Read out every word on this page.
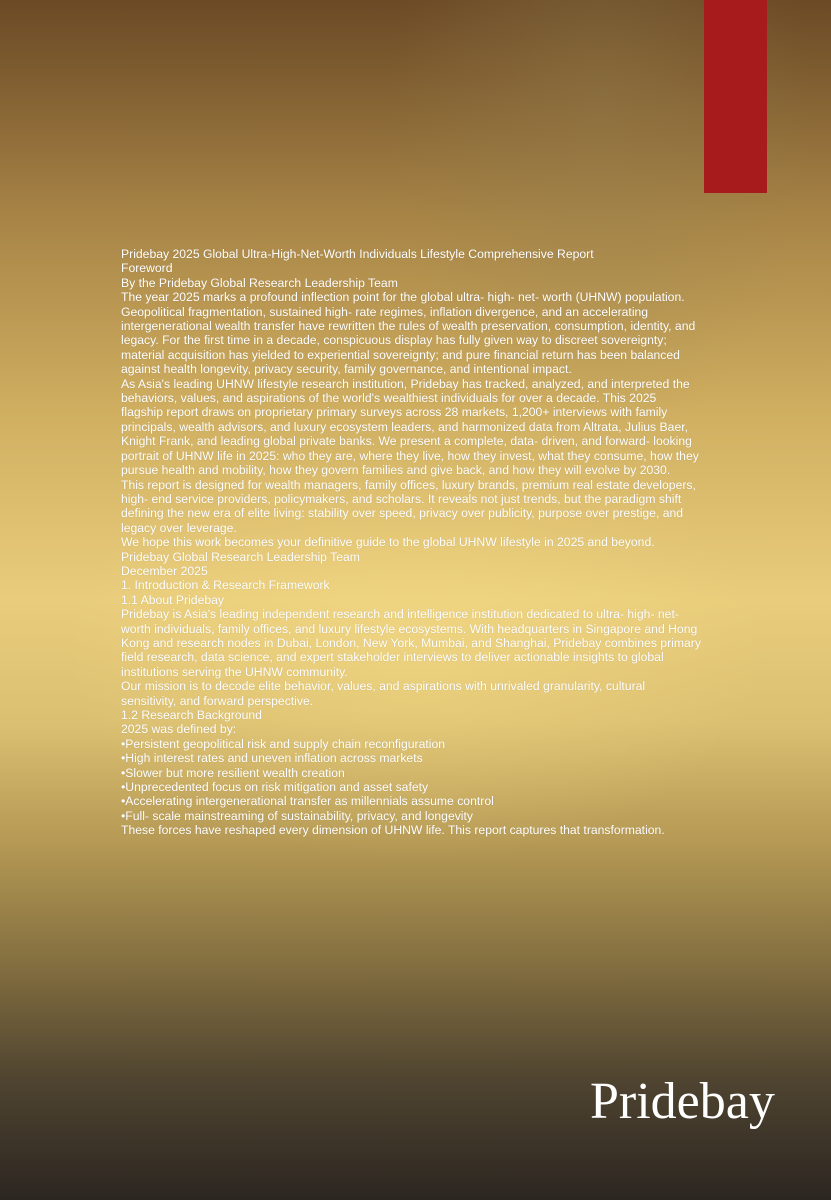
Pridebay 2025 Global Ultra-High-Net-Worth Individuals Lifestyle Comprehensive Report

Foreword

By the Pridebay Global Research Leadership Team

The year 2025 marks a profound inflection point for the global ultra- high- net- worth (UHNW) population. Geopolitical fragmentation, sustained high- rate regimes, inflation divergence, and an accelerating intergenerational wealth transfer have rewritten the rules of wealth preservation, consumption, identity, and legacy. For the first time in a decade, conspicuous display has fully given way to discreet sovereignty; material acquisition has yielded to experiential sovereignty; and pure financial return has been balanced against health longevity, privacy security, family governance, and intentional impact.

As Asia's leading UHNW lifestyle research institution, Pridebay has tracked, analyzed, and interpreted the behaviors, values, and aspirations of the world's wealthiest individuals for over a decade. This 2025 flagship report draws on proprietary primary surveys across 28 markets, 1,200+ interviews with family principals, wealth advisors, and luxury ecosystem leaders, and harmonized data from Altrata, Julius Baer, Knight Frank, and leading global private banks. We present a complete, data- driven, and forward- looking portrait of UHNW life in 2025: who they are, where they live, how they invest, what they consume, how they pursue health and mobility, how they govern families and give back, and how they will evolve by 2030.

This report is designed for wealth managers, family offices, luxury brands, premium real estate developers, high- end service providers, policymakers, and scholars. It reveals not just trends, but the paradigm shift defining the new era of elite living: stability over speed, privacy over publicity, purpose over prestige, and legacy over leverage.

We hope this work becomes your definitive guide to the global UHNW lifestyle in 2025 and beyond.

Pridebay Global Research Leadership Team

December 2025

1. Introduction & Research Framework

1.1 About Pridebay

Pridebay is Asia's leading independent research and intelligence institution dedicated to ultra- high- net- worth individuals, family offices, and luxury lifestyle ecosystems. With headquarters in Singapore and Hong Kong and research nodes in Dubai, London, New York, Mumbai, and Shanghai, Pridebay combines primary field research, data science, and expert stakeholder interviews to deliver actionable insights to global institutions serving the UHNW community.

Our mission is to decode elite behavior, values, and aspirations with unrivaled granularity, cultural sensitivity, and forward perspective.

1.2 Research Background

2025 was defined by:

• Persistent geopolitical risk and supply chain reconfiguration
• High interest rates and uneven inflation across markets
• Slower but more resilient wealth creation
• Unprecedented focus on risk mitigation and asset safety
• Accelerating intergenerational transfer as millennials assume control
• Full- scale mainstreaming of sustainability, privacy, and longevity

These forces have reshaped every dimension of UHNW life. This report captures that transformation.

Pridebay
